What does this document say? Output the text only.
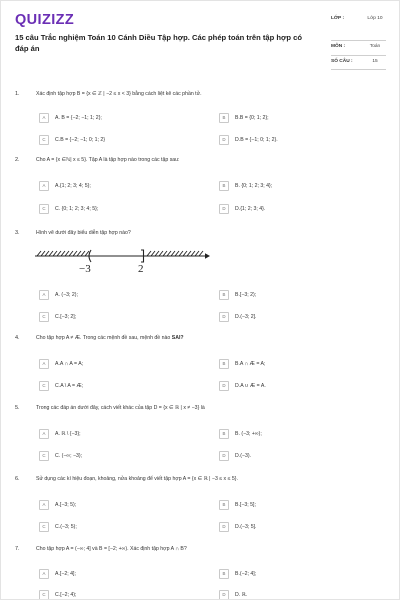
QUIZIZZ
15 câu Trắc nghiệm Toán 10 Cánh Diều Tập hợp. Các phép toán trên tập hợp có đáp án
LỚP :	Lớp 10
MÔN :	Toán
SỐ CÂU :	15
1.	Xác định tập hợp B = {x ∈ ℤ | −2 ≤ x < 3} bằng cách liệt kê các phần tử.
A A. B = {−2; −1; 1; 2};	B B.B = {0; 1; 2};
C C.B = {−2; −1; 0; 1; 2}	D D.B = {−1; 0; 1; 2}.
2.	Cho A = {x ∈ℕ| x ≤ 5}. Tập A là tập hợp nào trong các tập sau:
A A.{1; 2; 3; 4; 5};	B B. {0; 1; 2; 3; 4};
C C. {0; 1; 2; 3; 4; 5};	D D.{1; 2; 3; 4}.
3.	Hình vẽ dưới đây biểu diễn tập hợp nào?
−3	2
A A. (−3; 2);	B B.[−3; 2);
C C.[−3; 2];	D D.(−3; 2].
4.	Cho tập hợp A ≠ Æ. Trong các mệnh đề sau, mệnh đề nào SAI?
A A.A ∩ A = A;	B B.A ∩ Æ = A;
C C.A \ A = Æ;	D D.A ∪ Æ = A.
5.	Trong các đáp án dưới đây, cách viết khác của tập D = {x ∈ ℝ | x ≠ −3} là
A A. ℝ \ {−3};	B B. (−3; +∞);
C C. (−∞; −3);	D D.(−3).
6.	Sử dụng các kí hiệu đoạn, khoảng, nửa khoảng để viết tập hợp A = {x ∈ ℝ | −3 ≤ x ≤ 5}.
A A.[−3; 5);	B B.[−3; 5];
C C.(−3; 5);	D D.(−3; 5].
7.	Cho tập hợp A = (−∞; 4] và B = [−2; +∞). Xác định tập hợp A ∩ B?
A A.[−2; 4];	B B.(−2; 4];
C C.[−2; 4);	D D. ℝ.
